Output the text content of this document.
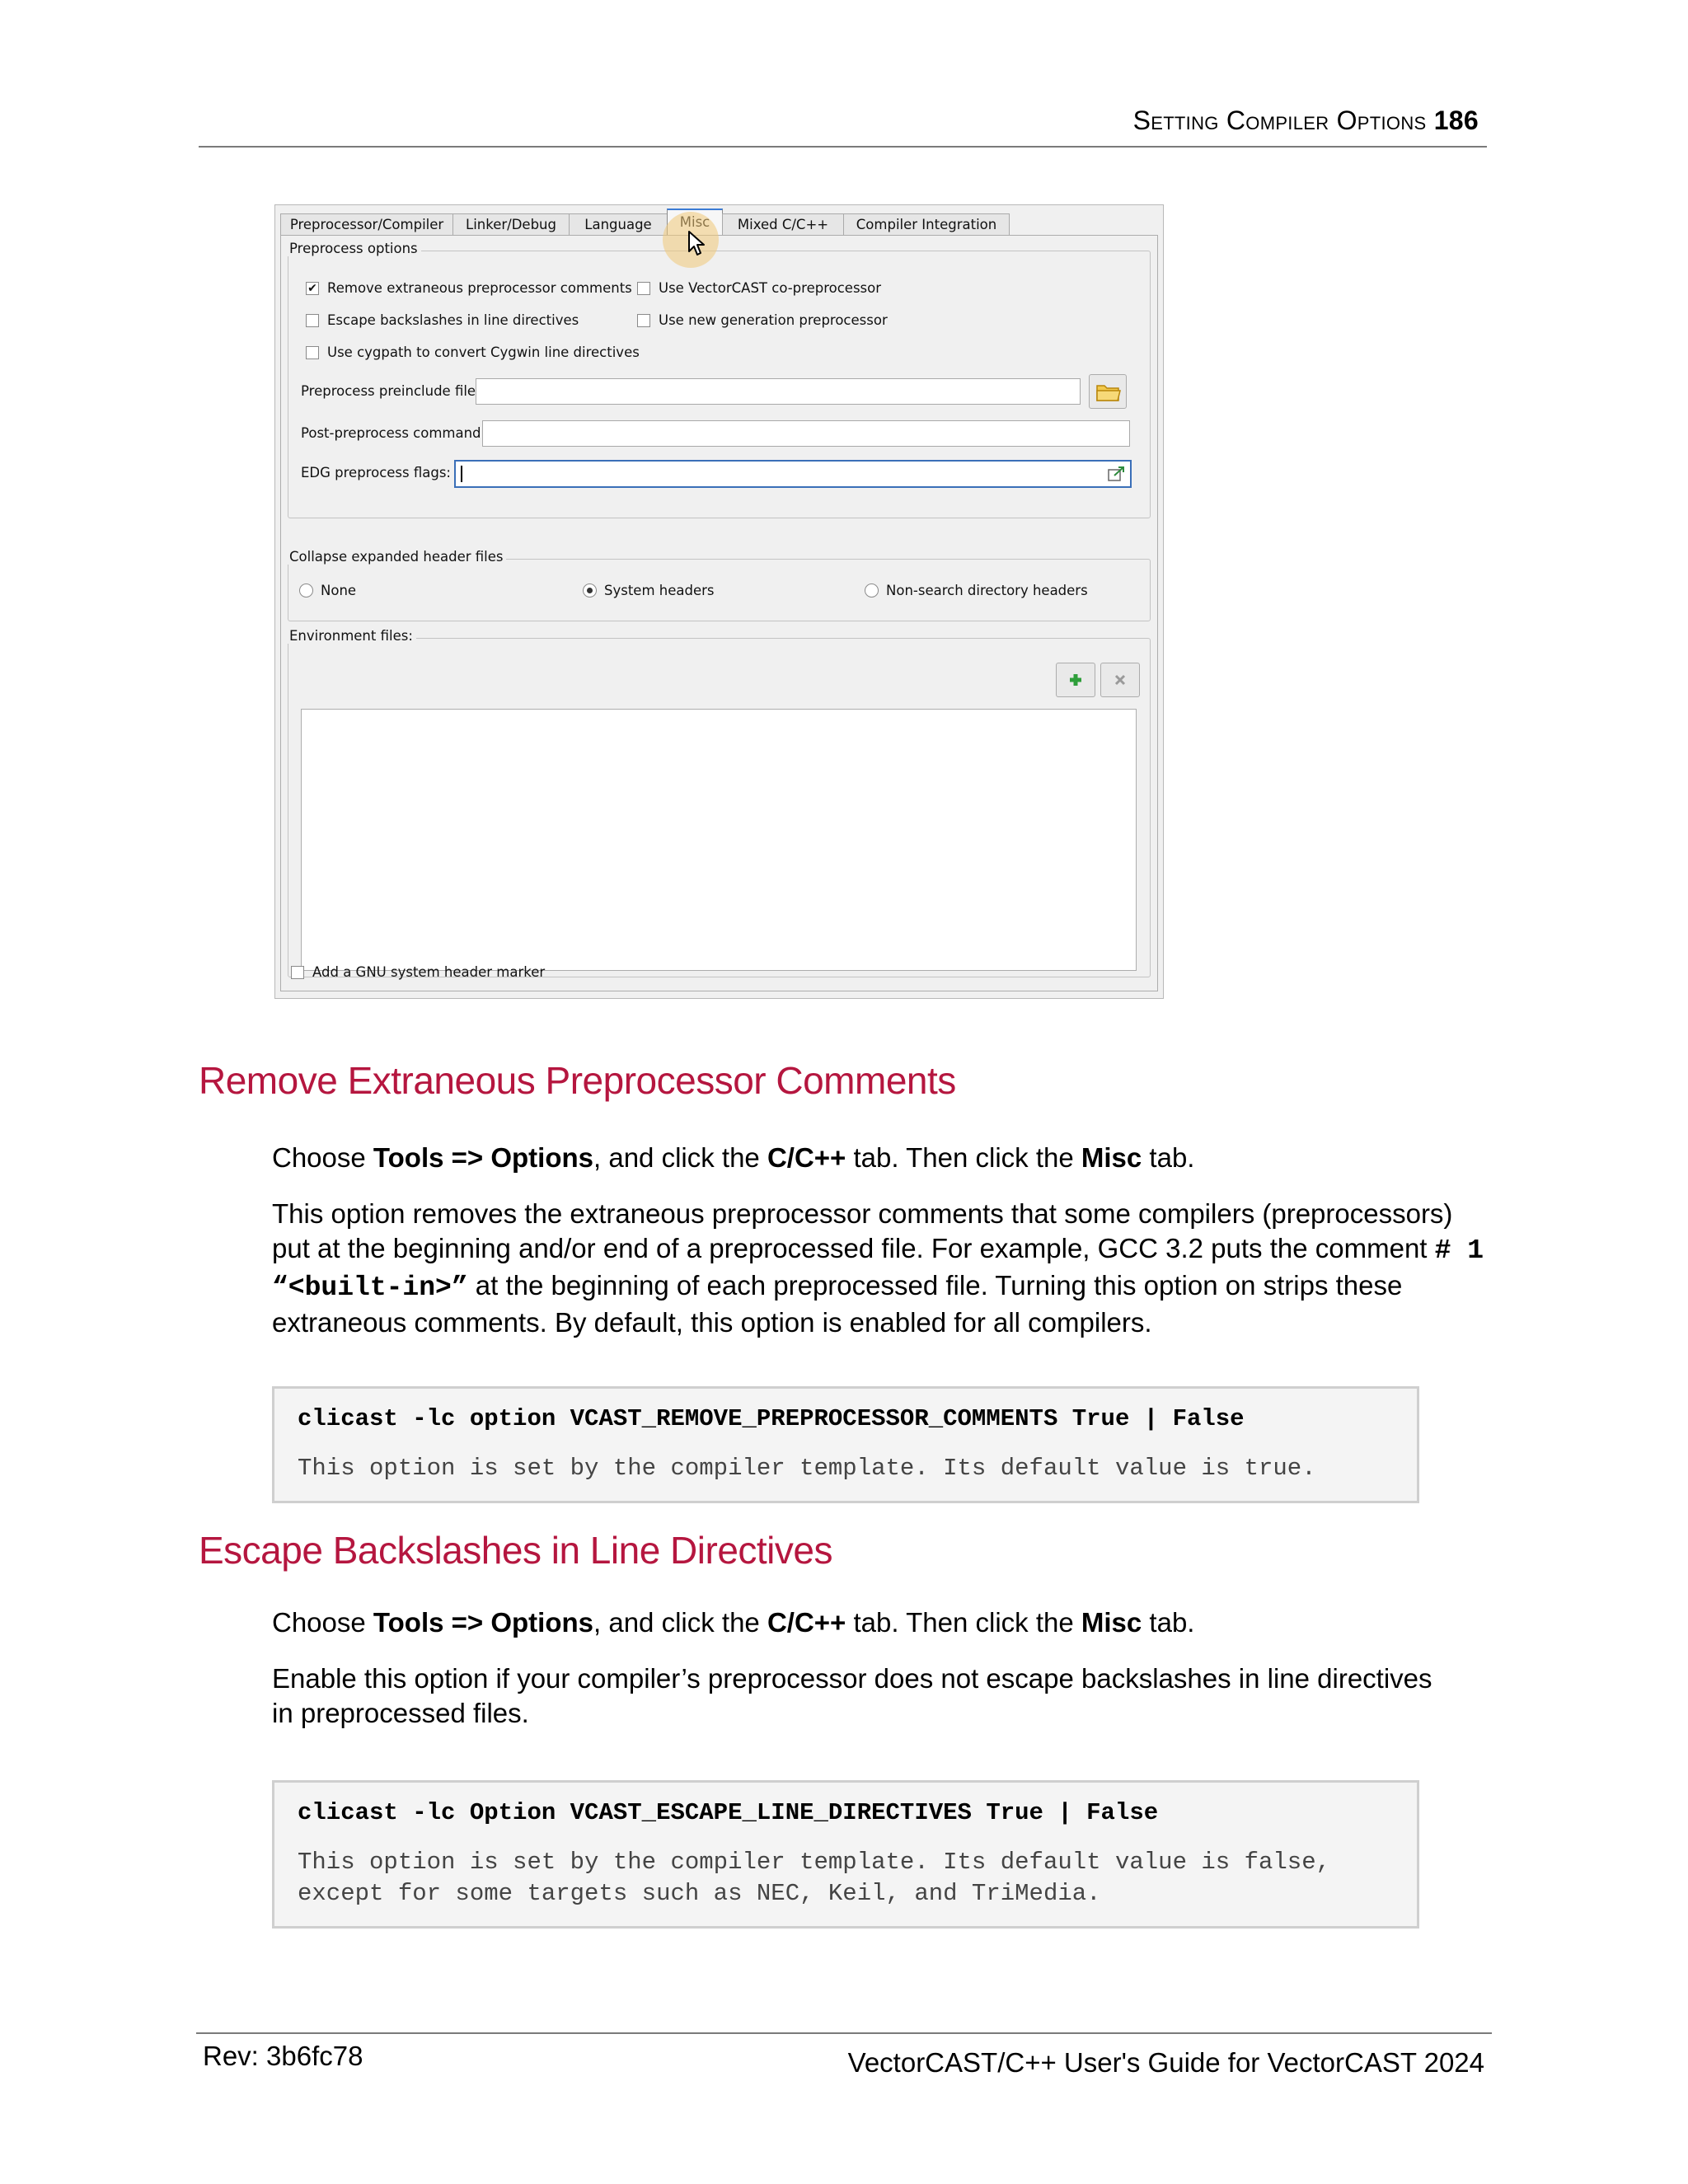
Setting Compiler Options 186
Preprocessor/Compiler	Linker/Debug	Language	Mixed C/C++	Compiler Integration
Preprocess options
✔ Remove extraneous preprocessor comments Use VectorCAST co-preprocessor
Escape backslashes in line directives	Use new generation preprocessor
Use cygpath to convert Cygwin line directives
Preprocess preinclude file
Post-preprocess command
EDG preprocess flags:
Collapse expanded header files
None	System headers	Non-search directory headers
Environment files:
Add a GNU system header marker
Remove Extraneous Preprocessor Comments
Choose Tools => Options, and click the C/C++ tab. Then click the Misc tab.
This option removes the extraneous preprocessor comments that some compilers (preprocessors) put at the beginning and/or end of a preprocessed file. For example, GCC 3.2 puts the comment # 1 “<built-in>” at the beginning of each preprocessed file. Turning this option on strips these extraneous comments. By default, this option is enabled for all compilers.
clicast -lc option VCAST_REMOVE_PREPROCESSOR_COMMENTS True | False
This option is set by the compiler template. Its default value is true.
Escape Backslashes in Line Directives
Choose Tools => Options, and click the C/C++ tab. Then click the Misc tab.
Enable this option if your compiler’s preprocessor does not escape backslashes in line directives in preprocessed files.
clicast -lc Option VCAST_ESCAPE_LINE_DIRECTIVES True | False
This option is set by the compiler template. Its default value is false,
except for some targets such as NEC, Keil, and TriMedia.
Rev: 3b6fc78	VectorCAST/C++ User's Guide for VectorCAST 2024
